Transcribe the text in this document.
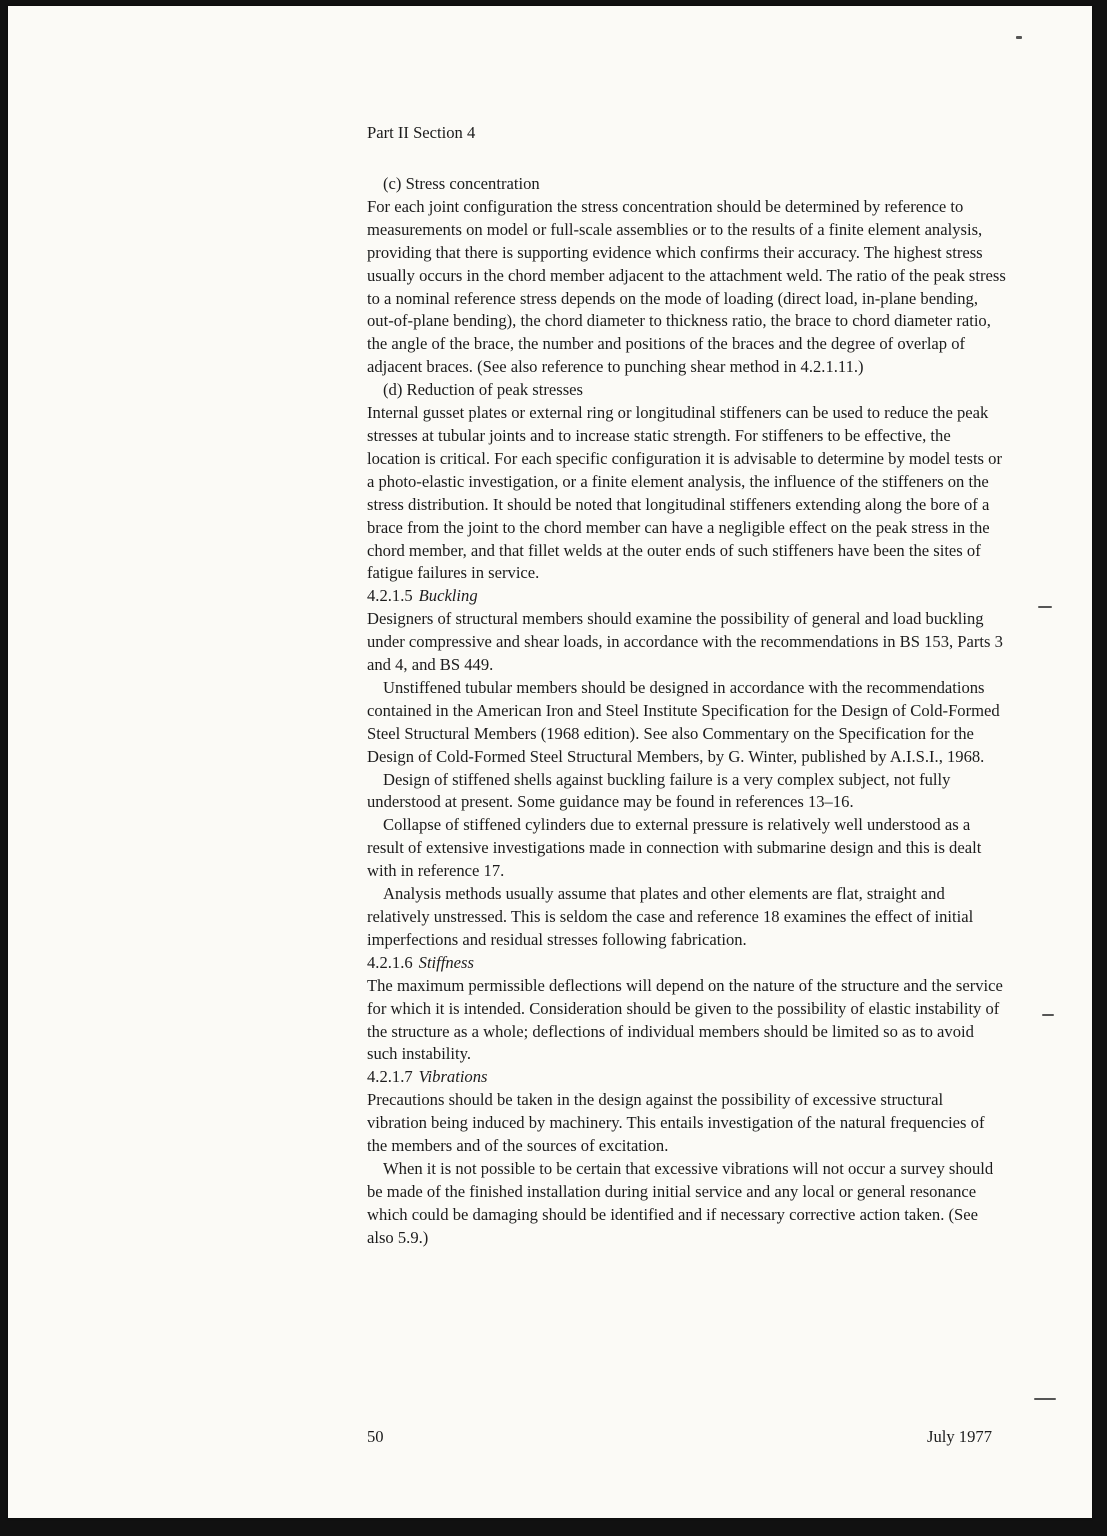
Part II Section 4
(c) Stress concentration

For each joint configuration the stress concentration should be determined by reference to measurements on model or full-scale assemblies or to the results of a finite element analysis, providing that there is supporting evidence which confirms their accuracy. The highest stress usually occurs in the chord member adjacent to the attachment weld. The ratio of the peak stress to a nominal reference stress depends on the mode of loading (direct load, in-plane bending, out-of-plane bending), the chord diameter to thickness ratio, the brace to chord diameter ratio, the angle of the brace, the number and positions of the braces and the degree of overlap of adjacent braces. (See also reference to punching shear method in 4.2.1.11.)

(d) Reduction of peak stresses

Internal gusset plates or external ring or longitudinal stiffeners can be used to reduce the peak stresses at tubular joints and to increase static strength. For stiffeners to be effective, the location is critical. For each specific configuration it is advisable to determine by model tests or a photo-elastic investigation, or a finite element analysis, the influence of the stiffeners on the stress distribution. It should be noted that longitudinal stiffeners extending along the bore of a brace from the joint to the chord member can have a negligible effect on the peak stress in the chord member, and that fillet welds at the outer ends of such stiffeners have been the sites of fatigue failures in service.

4.2.1.5 Buckling

Designers of structural members should examine the possibility of general and load buckling under compressive and shear loads, in accordance with the recommendations in BS 153, Parts 3 and 4, and BS 449.

Unstiffened tubular members should be designed in accordance with the recommendations contained in the American Iron and Steel Institute Specification for the Design of Cold-Formed Steel Structural Members (1968 edition). See also Commentary on the Specification for the Design of Cold-Formed Steel Structural Members, by G. Winter, published by A.I.S.I., 1968.

Design of stiffened shells against buckling failure is a very complex subject, not fully understood at present. Some guidance may be found in references 13–16.

Collapse of stiffened cylinders due to external pressure is relatively well understood as a result of extensive investigations made in connection with submarine design and this is dealt with in reference 17.

Analysis methods usually assume that plates and other elements are flat, straight and relatively unstressed. This is seldom the case and reference 18 examines the effect of initial imperfections and residual stresses following fabrication.

4.2.1.6 Stiffness

The maximum permissible deflections will depend on the nature of the structure and the service for which it is intended. Consideration should be given to the possibility of elastic instability of the structure as a whole; deflections of individual members should be limited so as to avoid such instability.

4.2.1.7 Vibrations

Precautions should be taken in the design against the possibility of excessive structural vibration being induced by machinery. This entails investigation of the natural frequencies of the members and of the sources of excitation.

When it is not possible to be certain that excessive vibrations will not occur a survey should be made of the finished installation during initial service and any local or general resonance which could be damaging should be identified and if necessary corrective action taken. (See also 5.9.)

50	July 1977
